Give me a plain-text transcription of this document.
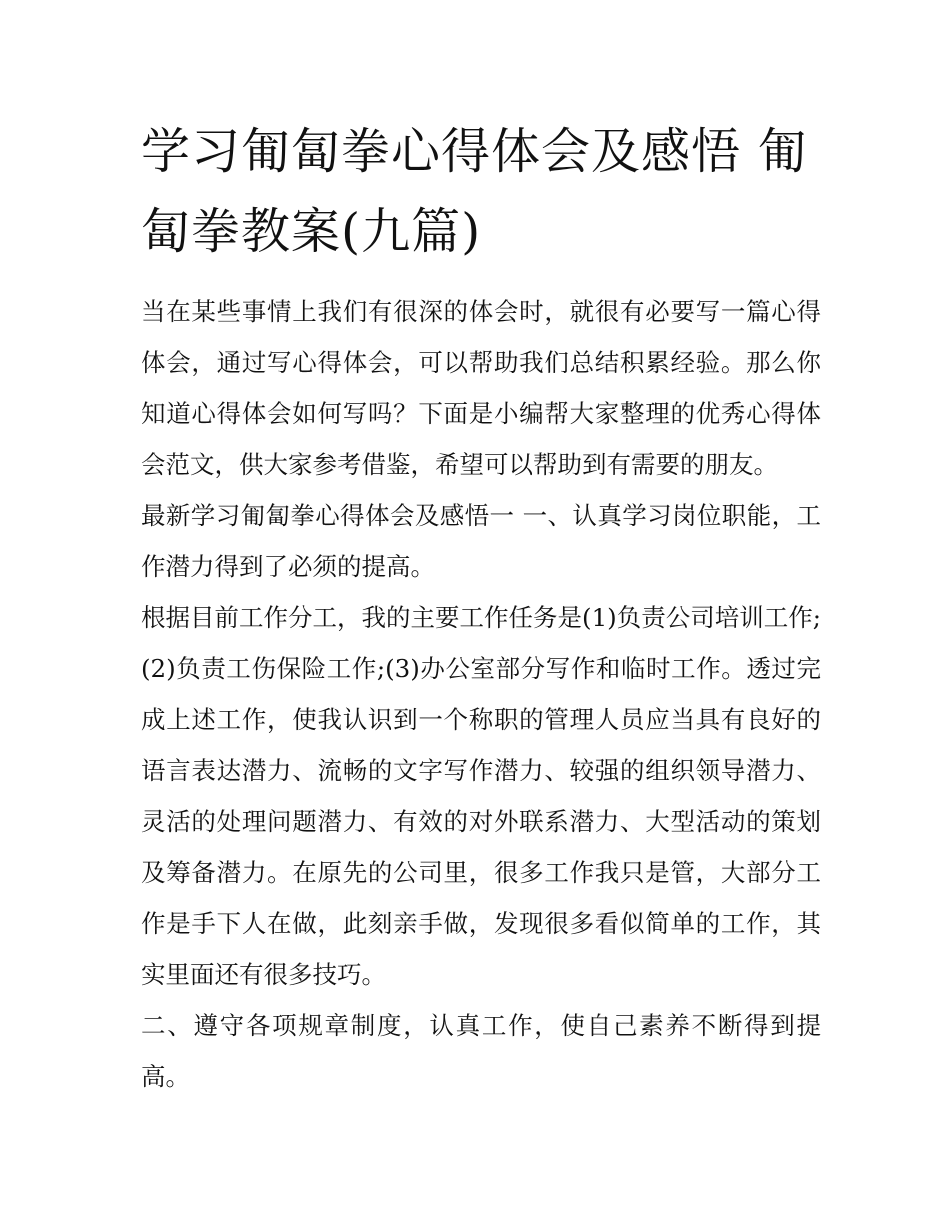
学习匍匐拳心得体会及感悟 匍匐拳教案(九篇)

当在某些事情上我们有很深的体会时，就很有必要写一篇心得体会，通过写心得体会，可以帮助我们总结积累经验。那么你知道心得体会如何写吗？下面是小编帮大家整理的优秀心得体会范文，供大家参考借鉴，希望可以帮助到有需要的朋友。

最新学习匍匐拳心得体会及感悟一 一、认真学习岗位职能，工作潜力得到了必须的提高。

根据目前工作分工，我的主要工作任务是(1)负责公司培训工作;(2)负责工伤保险工作;(3)办公室部分写作和临时工作。透过完成上述工作，使我认识到一个称职的管理人员应当具有良好的语言表达潜力、流畅的文字写作潜力、较强的组织领导潜力、灵活的处理问题潜力、有效的对外联系潜力、大型活动的策划及筹备潜力。在原先的公司里，很多工作我只是管，大部分工作是手下人在做，此刻亲手做，发现很多看似简单的工作，其实里面还有很多技巧。

二、遵守各项规章制度，认真工作，使自己素养不断得到提高。
